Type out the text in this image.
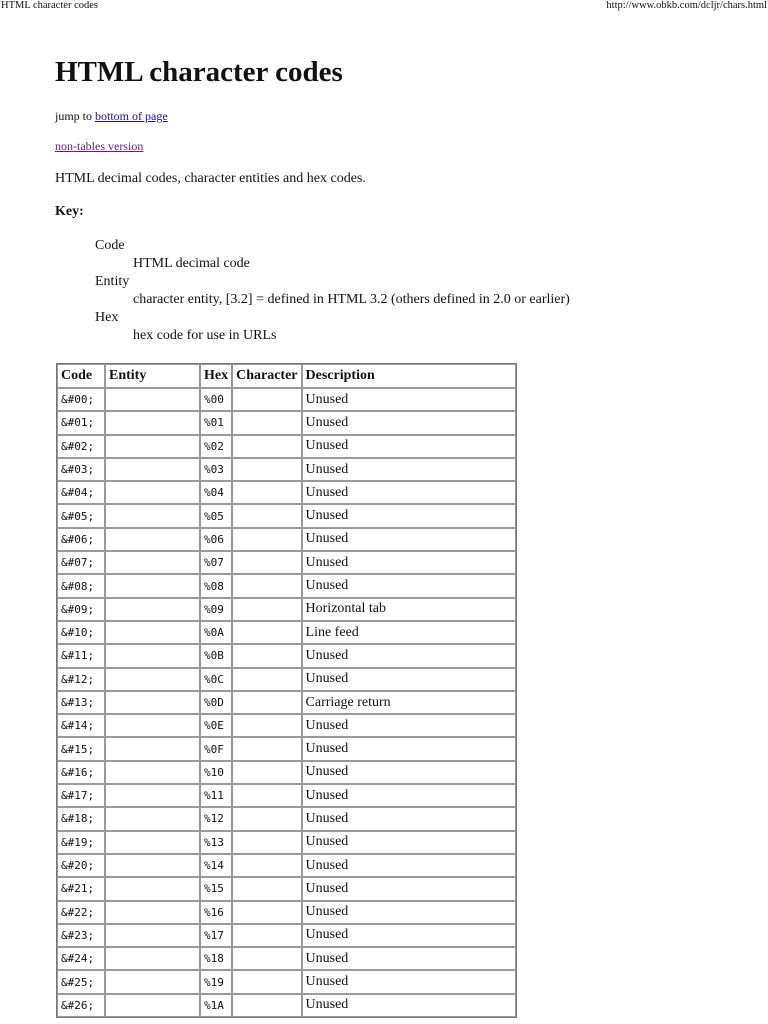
HTML character codes	http://www.obkb.com/dcljr/chars.html
HTML character codes
jump to bottom of page
non-tables version
HTML decimal codes, character entities and hex codes.
Key:
Code
HTML decimal code
Entity
character entity, [3.2] = defined in HTML 3.2 (others defined in 2.0 or earlier)
Hex
hex code for use in URLs
Code	Entity	Hex	Character	Description
&#00;		%00		Unused
&#01;		%01		Unused
&#02;		%02		Unused
&#03;		%03		Unused
&#04;		%04		Unused
&#05;		%05		Unused
&#06;		%06		Unused
&#07;		%07		Unused
&#08;		%08		Unused
&#09;		%09		Horizontal tab
&#10;		%0A		Line feed
&#11;		%0B		Unused
&#12;		%0C		Unused
&#13;		%0D		Carriage return
&#14;		%0E		Unused
&#15;		%0F		Unused
&#16;		%10		Unused
&#17;		%11		Unused
&#18;		%12		Unused
&#19;		%13		Unused
&#20;		%14		Unused
&#21;		%15		Unused
&#22;		%16		Unused
&#23;		%17		Unused
&#24;		%18		Unused
&#25;		%19		Unused
&#26;		%1A		Unused
